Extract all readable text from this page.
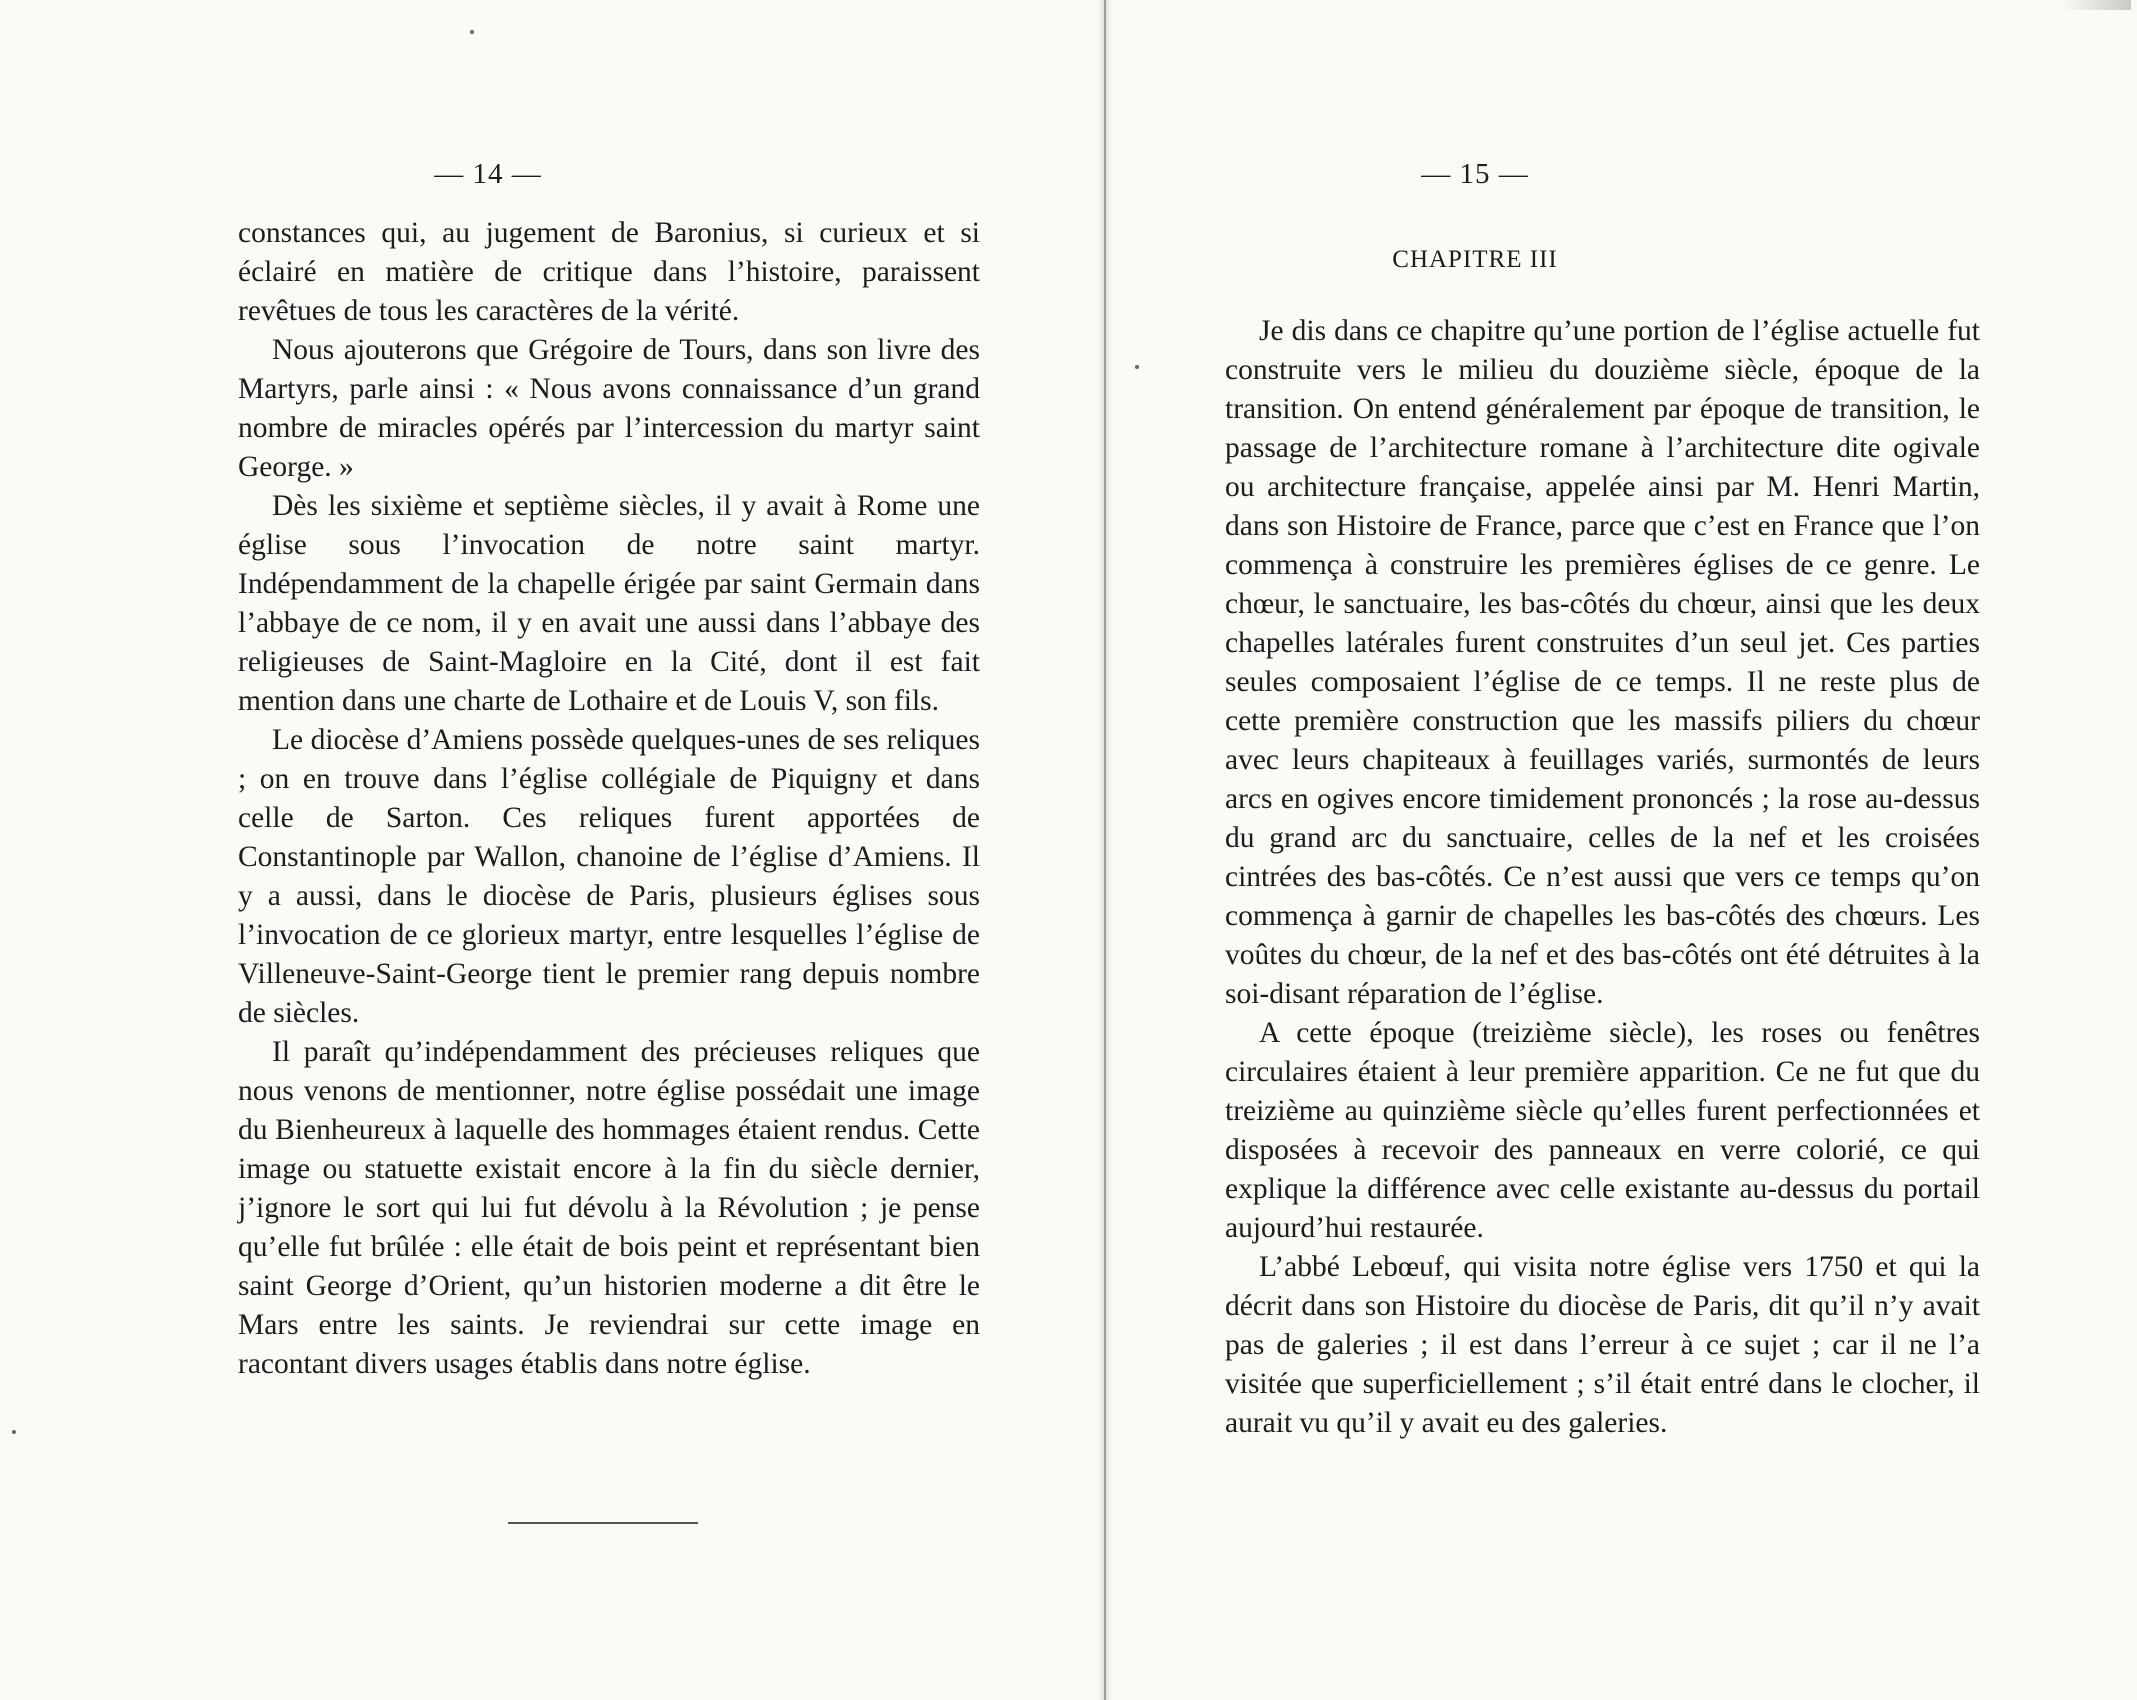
— 14 —

constances qui, au jugement de Baronius, si curieux et si éclairé en matière de critique dans l’histoire, paraissent revêtues de tous les caractères de la vérité.

Nous ajouterons que Grégoire de Tours, dans son livre des Martyrs, parle ainsi : « Nous avons connaissance d’un grand nombre de miracles opérés par l’intercession du martyr saint George. »

Dès les sixième et septième siècles, il y avait à Rome une église sous l’invocation de notre saint martyr. Indépendamment de la chapelle érigée par saint Germain dans l’abbaye de ce nom, il y en avait une aussi dans l’abbaye des religieuses de Saint-Magloire en la Cité, dont il est fait mention dans une charte de Lothaire et de Louis V, son fils.

Le diocèse d’Amiens possède quelques-unes de ses reliques ; on en trouve dans l’église collégiale de Piquigny et dans celle de Sarton. Ces reliques furent apportées de Constantinople par Wallon, chanoine de l’église d’Amiens. Il y a aussi, dans le diocèse de Paris, plusieurs églises sous l’invocation de ce glorieux martyr, entre lesquelles l’église de Villeneuve-Saint-George tient le premier rang depuis nombre de siècles.

Il paraît qu’indépendamment des précieuses reliques que nous venons de mentionner, notre église possédait une image du Bienheureux à laquelle des hommages étaient rendus. Cette image ou statuette existait encore à la fin du siècle dernier, j’ignore le sort qui lui fut dévolu à la Révolution ; je pense qu’elle fut brûlée : elle était de bois peint et représentant bien saint George d’Orient, qu’un historien moderne a dit être le Mars entre les saints. Je reviendrai sur cette image en racontant divers usages établis dans notre église.

— 15 —
CHAPITRE III

Je dis dans ce chapitre qu’une portion de l’église actuelle fut construite vers le milieu du douzième siècle, époque de la transition. On entend généralement par époque de transition, le passage de l’architecture romane à l’architecture dite ogivale ou architecture française, appelée ainsi par M. Henri Martin, dans son Histoire de France, parce que c’est en France que l’on commença à construire les premières églises de ce genre. Le chœur, le sanctuaire, les bas-côtés du chœur, ainsi que les deux chapelles latérales furent construites d’un seul jet. Ces parties seules composaient l’église de ce temps. Il ne reste plus de cette première construction que les massifs piliers du chœur avec leurs chapiteaux à feuillages variés, surmontés de leurs arcs en ogives encore timidement prononcés ; la rose au-dessus du grand arc du sanctuaire, celles de la nef et les croisées cintrées des bas-côtés. Ce n’est aussi que vers ce temps qu’on commença à garnir de chapelles les bas-côtés des chœurs. Les voûtes du chœur, de la nef et des bas-côtés ont été détruites à la soi-disant réparation de l’église.

A cette époque (treizième siècle), les roses ou fenêtres circulaires étaient à leur première apparition. Ce ne fut que du treizième au quinzième siècle qu’elles furent perfectionnées et disposées à recevoir des panneaux en verre colorié, ce qui explique la différence avec celle existante au-dessus du portail aujourd’hui restaurée.

L’abbé Lebœuf, qui visita notre église vers 1750 et qui la décrit dans son Histoire du diocèse de Paris, dit qu’il n’y avait pas de galeries ; il est dans l’erreur à ce sujet ; car il ne l’a visitée que superficiellement ; s’il était entré dans le clocher, il aurait vu qu’il y avait eu des galeries.
